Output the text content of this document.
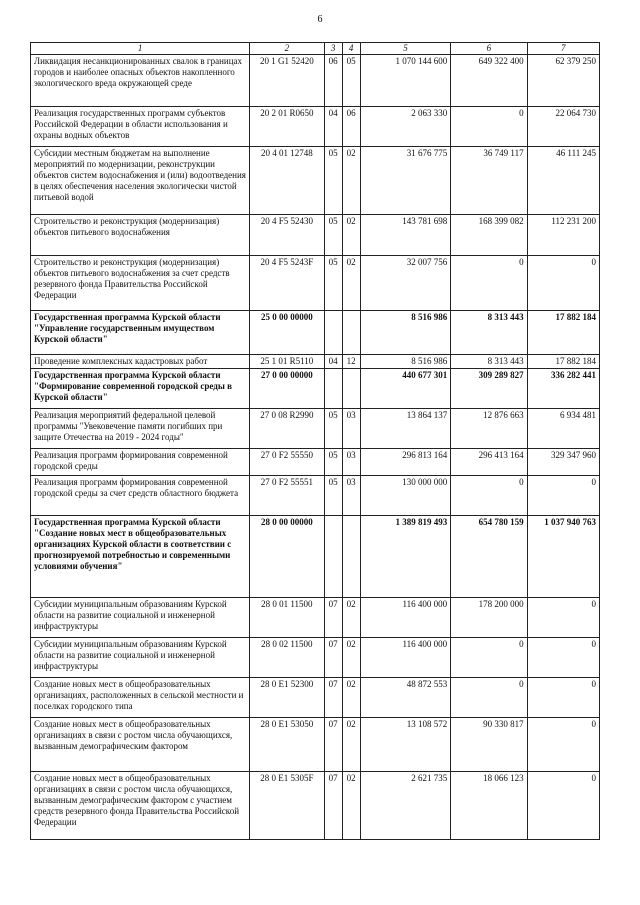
6
1	2	3	4	5	6	7
Ликвидация несанкционированных свалок в границах городов и наиболее опасных объектов накопленного экологического вреда окружающей среде	20 1 G1 52420	06	05	1 070 144 600	649 322 400	62 379 250
Реализация государственных программ субъектов Российской Федерации в области использования и охраны водных объектов	20 2 01 R0650	04	06	2 063 330	0	22 064 730
Субсидии местным бюджетам на выполнение мероприятий по модернизации, реконструкции объектов систем водоснабжения и (или) водоотведения в целях обеспечения населения экологически чистой питьевой водой	20 4 01 12748	05	02	31 676 775	36 749 117	46 111 245
Строительство и реконструкция (модернизация) объектов питьевого водоснабжения	20 4 F5 52430	05	02	143 781 698	168 399 082	112 231 200
Строительство и реконструкция (модернизация) объектов питьевого водоснабжения за счет средств резервного фонда Правительства Российской Федерации	20 4 F5 5243F	05	02	32 007 756	0	0
Государственная программа Курской области "Управление государственным имуществом Курской области"	25 0 00 00000			8 516 986	8 313 443	17 882 184
Проведение комплексных кадастровых работ	25 1 01 R5110	04	12	8 516 986	8 313 443	17 882 184
Государственная программа Курской области "Формирование современной городской среды в Курской области"	27 0 00 00000			440 677 301	309 289 827	336 282 441
Реализация мероприятий федеральной целевой программы "Увековечение памяти погибших при защите Отечества на 2019 - 2024 годы"	27 0 08 R2990	05	03	13 864 137	12 876 663	6 934 481
Реализация программ формирования современной городской среды	27 0 F2 55550	05	03	296 813 164	296 413 164	329 347 960
Реализация программ формирования современной городской среды за счет средств областного бюджета	27 0 F2 55551	05	03	130 000 000	0	0
Государственная программа Курской области "Создание новых мест в общеобразовательных организациях Курской области в соответствии с прогнозируемой потребностью и современными условиями обучения"	28 0 00 00000			1 389 819 493	654 780 159	1 037 940 763
Субсидии муниципальным образованиям Курской области на развитие социальной и инженерной инфраструктуры	28 0 01 11500	07	02	116 400 000	178 200 000	0
Субсидии муниципальным образованиям Курской области на развитие социальной и инженерной инфраструктуры	28 0 02 11500	07	02	116 400 000	0	0
Создание новых мест в общеобразовательных организациях, расположенных в сельской местности и поселках городского типа	28 0 E1 52300	07	02	48 872 553	0	0
Создание новых мест в общеобразовательных организациях в связи с ростом числа обучающихся, вызванным демографическим фактором	28 0 E1 53050	07	02	13 108 572	90 330 817	0
Создание новых мест в общеобразовательных организациях в связи с ростом числа обучающихся, вызванным демографическим фактором с участием средств резервного фонда Правительства Российской Федерации	28 0 E1 5305F	07	02	2 621 735	18 066 123	0
